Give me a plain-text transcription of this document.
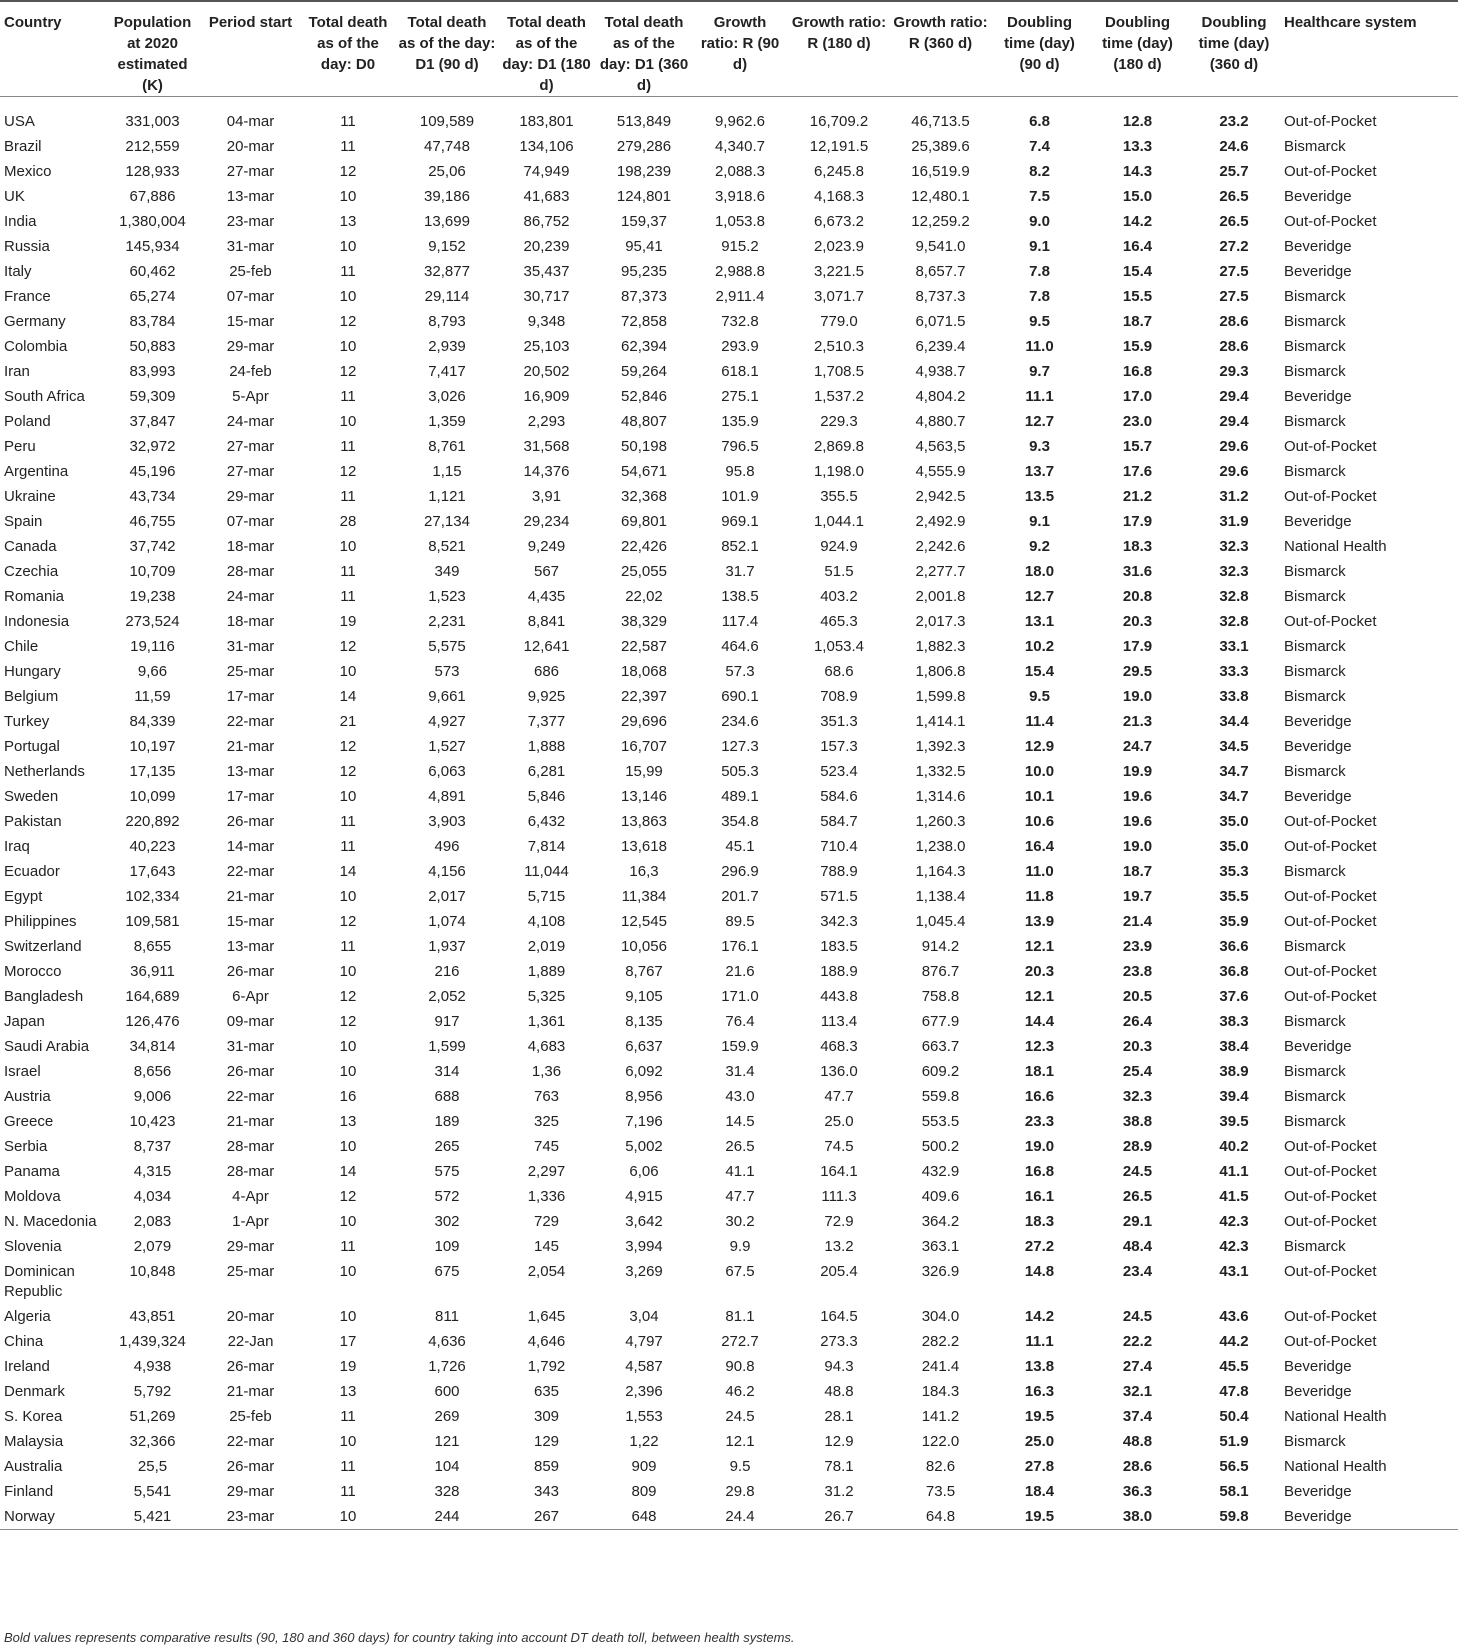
Country	Population at 2020 estimated (K)	Period start	Total death as of the day: D0	Total death as of the day: D1 (90 d)	Total death as of the day: D1 (180 d)	Total death as of the day: D1 (360 d)	Growth ratio: R (90 d)	Growth ratio: R (180 d)	Growth ratio: R (360 d)	Doubling time (day) (90 d)	Doubling time (day) (180 d)	Doubling time (day) (360 d)	Healthcare system
USA	331,003	04-mar	11	109,589	183,801	513,849	9,962.6	16,709.2	46,713.5	6.8	12.8	23.2	Out-of-Pocket
Brazil	212,559	20-mar	11	47,748	134,106	279,286	4,340.7	12,191.5	25,389.6	7.4	13.3	24.6	Bismarck
Mexico	128,933	27-mar	12	25,06	74,949	198,239	2,088.3	6,245.8	16,519.9	8.2	14.3	25.7	Out-of-Pocket
UK	67,886	13-mar	10	39,186	41,683	124,801	3,918.6	4,168.3	12,480.1	7.5	15.0	26.5	Beveridge
India	1,380,004	23-mar	13	13,699	86,752	159,37	1,053.8	6,673.2	12,259.2	9.0	14.2	26.5	Out-of-Pocket
Russia	145,934	31-mar	10	9,152	20,239	95,41	915.2	2,023.9	9,541.0	9.1	16.4	27.2	Beveridge
Italy	60,462	25-feb	11	32,877	35,437	95,235	2,988.8	3,221.5	8,657.7	7.8	15.4	27.5	Beveridge
France	65,274	07-mar	10	29,114	30,717	87,373	2,911.4	3,071.7	8,737.3	7.8	15.5	27.5	Bismarck
Germany	83,784	15-mar	12	8,793	9,348	72,858	732.8	779.0	6,071.5	9.5	18.7	28.6	Bismarck
Colombia	50,883	29-mar	10	2,939	25,103	62,394	293.9	2,510.3	6,239.4	11.0	15.9	28.6	Bismarck
Iran	83,993	24-feb	12	7,417	20,502	59,264	618.1	1,708.5	4,938.7	9.7	16.8	29.3	Bismarck
South Africa	59,309	5-Apr	11	3,026	16,909	52,846	275.1	1,537.2	4,804.2	11.1	17.0	29.4	Beveridge
Poland	37,847	24-mar	10	1,359	2,293	48,807	135.9	229.3	4,880.7	12.7	23.0	29.4	Bismarck
Peru	32,972	27-mar	11	8,761	31,568	50,198	796.5	2,869.8	4,563,5	9.3	15.7	29.6	Out-of-Pocket
Argentina	45,196	27-mar	12	1,15	14,376	54,671	95.8	1,198.0	4,555.9	13.7	17.6	29.6	Bismarck
Ukraine	43,734	29-mar	11	1,121	3,91	32,368	101.9	355.5	2,942.5	13.5	21.2	31.2	Out-of-Pocket
Spain	46,755	07-mar	28	27,134	29,234	69,801	969.1	1,044.1	2,492.9	9.1	17.9	31.9	Beveridge
Canada	37,742	18-mar	10	8,521	9,249	22,426	852.1	924.9	2,242.6	9.2	18.3	32.3	National Health
Czechia	10,709	28-mar	11	349	567	25,055	31.7	51.5	2,277.7	18.0	31.6	32.3	Bismarck
Romania	19,238	24-mar	11	1,523	4,435	22,02	138.5	403.2	2,001.8	12.7	20.8	32.8	Bismarck
Indonesia	273,524	18-mar	19	2,231	8,841	38,329	117.4	465.3	2,017.3	13.1	20.3	32.8	Out-of-Pocket
Chile	19,116	31-mar	12	5,575	12,641	22,587	464.6	1,053.4	1,882.3	10.2	17.9	33.1	Bismarck
Hungary	9,66	25-mar	10	573	686	18,068	57.3	68.6	1,806.8	15.4	29.5	33.3	Bismarck
Belgium	11,59	17-mar	14	9,661	9,925	22,397	690.1	708.9	1,599.8	9.5	19.0	33.8	Bismarck
Turkey	84,339	22-mar	21	4,927	7,377	29,696	234.6	351.3	1,414.1	11.4	21.3	34.4	Beveridge
Portugal	10,197	21-mar	12	1,527	1,888	16,707	127.3	157.3	1,392.3	12.9	24.7	34.5	Beveridge
Netherlands	17,135	13-mar	12	6,063	6,281	15,99	505.3	523.4	1,332.5	10.0	19.9	34.7	Bismarck
Sweden	10,099	17-mar	10	4,891	5,846	13,146	489.1	584.6	1,314.6	10.1	19.6	34.7	Beveridge
Pakistan	220,892	26-mar	11	3,903	6,432	13,863	354.8	584.7	1,260.3	10.6	19.6	35.0	Out-of-Pocket
Iraq	40,223	14-mar	11	496	7,814	13,618	45.1	710.4	1,238.0	16.4	19.0	35.0	Out-of-Pocket
Ecuador	17,643	22-mar	14	4,156	11,044	16,3	296.9	788.9	1,164.3	11.0	18.7	35.3	Bismarck
Egypt	102,334	21-mar	10	2,017	5,715	11,384	201.7	571.5	1,138.4	11.8	19.7	35.5	Out-of-Pocket
Philippines	109,581	15-mar	12	1,074	4,108	12,545	89.5	342.3	1,045.4	13.9	21.4	35.9	Out-of-Pocket
Switzerland	8,655	13-mar	11	1,937	2,019	10,056	176.1	183.5	914.2	12.1	23.9	36.6	Bismarck
Morocco	36,911	26-mar	10	216	1,889	8,767	21.6	188.9	876.7	20.3	23.8	36.8	Out-of-Pocket
Bangladesh	164,689	6-Apr	12	2,052	5,325	9,105	171.0	443.8	758.8	12.1	20.5	37.6	Out-of-Pocket
Japan	126,476	09-mar	12	917	1,361	8,135	76.4	113.4	677.9	14.4	26.4	38.3	Bismarck
Saudi Arabia	34,814	31-mar	10	1,599	4,683	6,637	159.9	468.3	663.7	12.3	20.3	38.4	Beveridge
Israel	8,656	26-mar	10	314	1,36	6,092	31.4	136.0	609.2	18.1	25.4	38.9	Bismarck
Austria	9,006	22-mar	16	688	763	8,956	43.0	47.7	559.8	16.6	32.3	39.4	Bismarck
Greece	10,423	21-mar	13	189	325	7,196	14.5	25.0	553.5	23.3	38.8	39.5	Bismarck
Serbia	8,737	28-mar	10	265	745	5,002	26.5	74.5	500.2	19.0	28.9	40.2	Out-of-Pocket
Panama	4,315	28-mar	14	575	2,297	6,06	41.1	164.1	432.9	16.8	24.5	41.1	Out-of-Pocket
Moldova	4,034	4-Apr	12	572	1,336	4,915	47.7	111.3	409.6	16.1	26.5	41.5	Out-of-Pocket
N. Macedonia	2,083	1-Apr	10	302	729	3,642	30.2	72.9	364.2	18.3	29.1	42.3	Out-of-Pocket
Slovenia	2,079	29-mar	11	109	145	3,994	9.9	13.2	363.1	27.2	48.4	42.3	Bismarck
Dominican Republic	10,848	25-mar	10	675	2,054	3,269	67.5	205.4	326.9	14.8	23.4	43.1	Out-of-Pocket
Algeria	43,851	20-mar	10	811	1,645	3,04	81.1	164.5	304.0	14.2	24.5	43.6	Out-of-Pocket
China	1,439,324	22-Jan	17	4,636	4,646	4,797	272.7	273.3	282.2	11.1	22.2	44.2	Out-of-Pocket
Ireland	4,938	26-mar	19	1,726	1,792	4,587	90.8	94.3	241.4	13.8	27.4	45.5	Beveridge
Denmark	5,792	21-mar	13	600	635	2,396	46.2	48.8	184.3	16.3	32.1	47.8	Beveridge
S. Korea	51,269	25-feb	11	269	309	1,553	24.5	28.1	141.2	19.5	37.4	50.4	National Health
Malaysia	32,366	22-mar	10	121	129	1,22	12.1	12.9	122.0	25.0	48.8	51.9	Bismarck
Australia	25,5	26-mar	11	104	859	909	9.5	78.1	82.6	27.8	28.6	56.5	National Health
Finland	5,541	29-mar	11	328	343	809	29.8	31.2	73.5	18.4	36.3	58.1	Beveridge
Norway	5,421	23-mar	10	244	267	648	24.4	26.7	64.8	19.5	38.0	59.8	Beveridge
Bold values represents comparative results (90, 180 and 360 days) for country taking into account DT death toll, between health systems.
